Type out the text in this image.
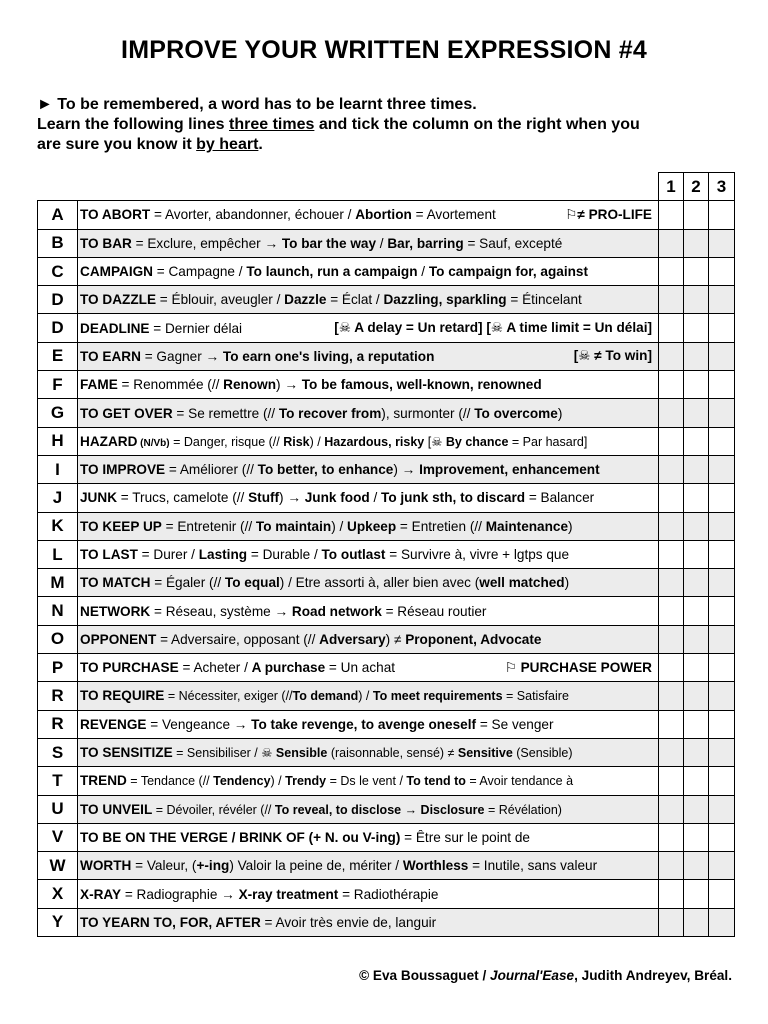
IMPROVE YOUR WRITTEN EXPRESSION #4
► To be remembered, a word has to be learnt three times.
Learn the following lines three times and tick the column on the right when you
are sure you know it by heart.
		1	2	3
A	TO ABORT = Avorter, abandonner, échouer / Abortion = Avortement ⚐≠ PRO-LIFE			

B	TO BAR = Exclure, empêcher → To bar the way / Bar, barring = Sauf, excepté			

C	CAMPAIGN = Campagne / To launch, run a campaign / To campaign for, against			

D	TO DAZZLE = Éblouir, aveugler / Dazzle = Éclat / Dazzling, sparkling = Étincelant			

D	DEADLINE = Dernier délai [☠ A delay = Un retard] [☠ A time limit = Un délai]			

E	TO EARN = Gagner → To earn one's living, a reputation [☠ ≠ To win]			

F	FAME = Renommée (// Renown) → To be famous, well-known, renowned			

G	TO GET OVER = Se remettre (// To recover from), surmonter (// To overcome)			

H	HAZARD (N/Vb) = Danger, risque (// Risk) / Hazardous, risky [☠ By chance = Par hasard]			

I	TO IMPROVE = Améliorer (// To better, to enhance) → Improvement, enhancement			

J	JUNK = Trucs, camelote (// Stuff) → Junk food / To junk sth, to discard = Balancer			

K	TO KEEP UP = Entretenir (// To maintain) / Upkeep = Entretien (// Maintenance)			

L	TO LAST = Durer / Lasting = Durable / To outlast = Survivre à, vivre + lgtps que			

M	TO MATCH = Égaler (// To equal) / Etre assorti à, aller bien avec (well matched)			

N	NETWORK = Réseau, système → Road network = Réseau routier			

O	OPPONENT = Adversaire, opposant (// Adversary) ≠ Proponent, Advocate			

P	TO PURCHASE = Acheter / A purchase = Un achat ⚐ PURCHASE POWER			

R	TO REQUIRE = Nécessiter, exiger (//To demand) / To meet requirements = Satisfaire			

R	REVENGE = Vengeance → To take revenge, to avenge oneself = Se venger			

S	TO SENSITIZE = Sensibiliser / ☠ Sensible (raisonnable, sensé) ≠ Sensitive (Sensible)			

T	TREND = Tendance (// Tendency) / Trendy = Ds le vent / To tend to = Avoir tendance à			

U	TO UNVEIL = Dévoiler, révéler (// To reveal, to disclose → Disclosure = Révélation)			

V	TO BE ON THE VERGE / BRINK OF (+ N. ou V-ing) = Être sur le point de			

W	WORTH = Valeur, (+-ing) Valoir la peine de, mériter / Worthless = Inutile, sans valeur			

X	X-RAY = Radiographie → X-ray treatment = Radiothérapie			

Y	TO YEARN TO, FOR, AFTER = Avoir très envie de, languir			

© Eva Boussaguet / Journal'Ease, Judith Andreyev, Bréal.
